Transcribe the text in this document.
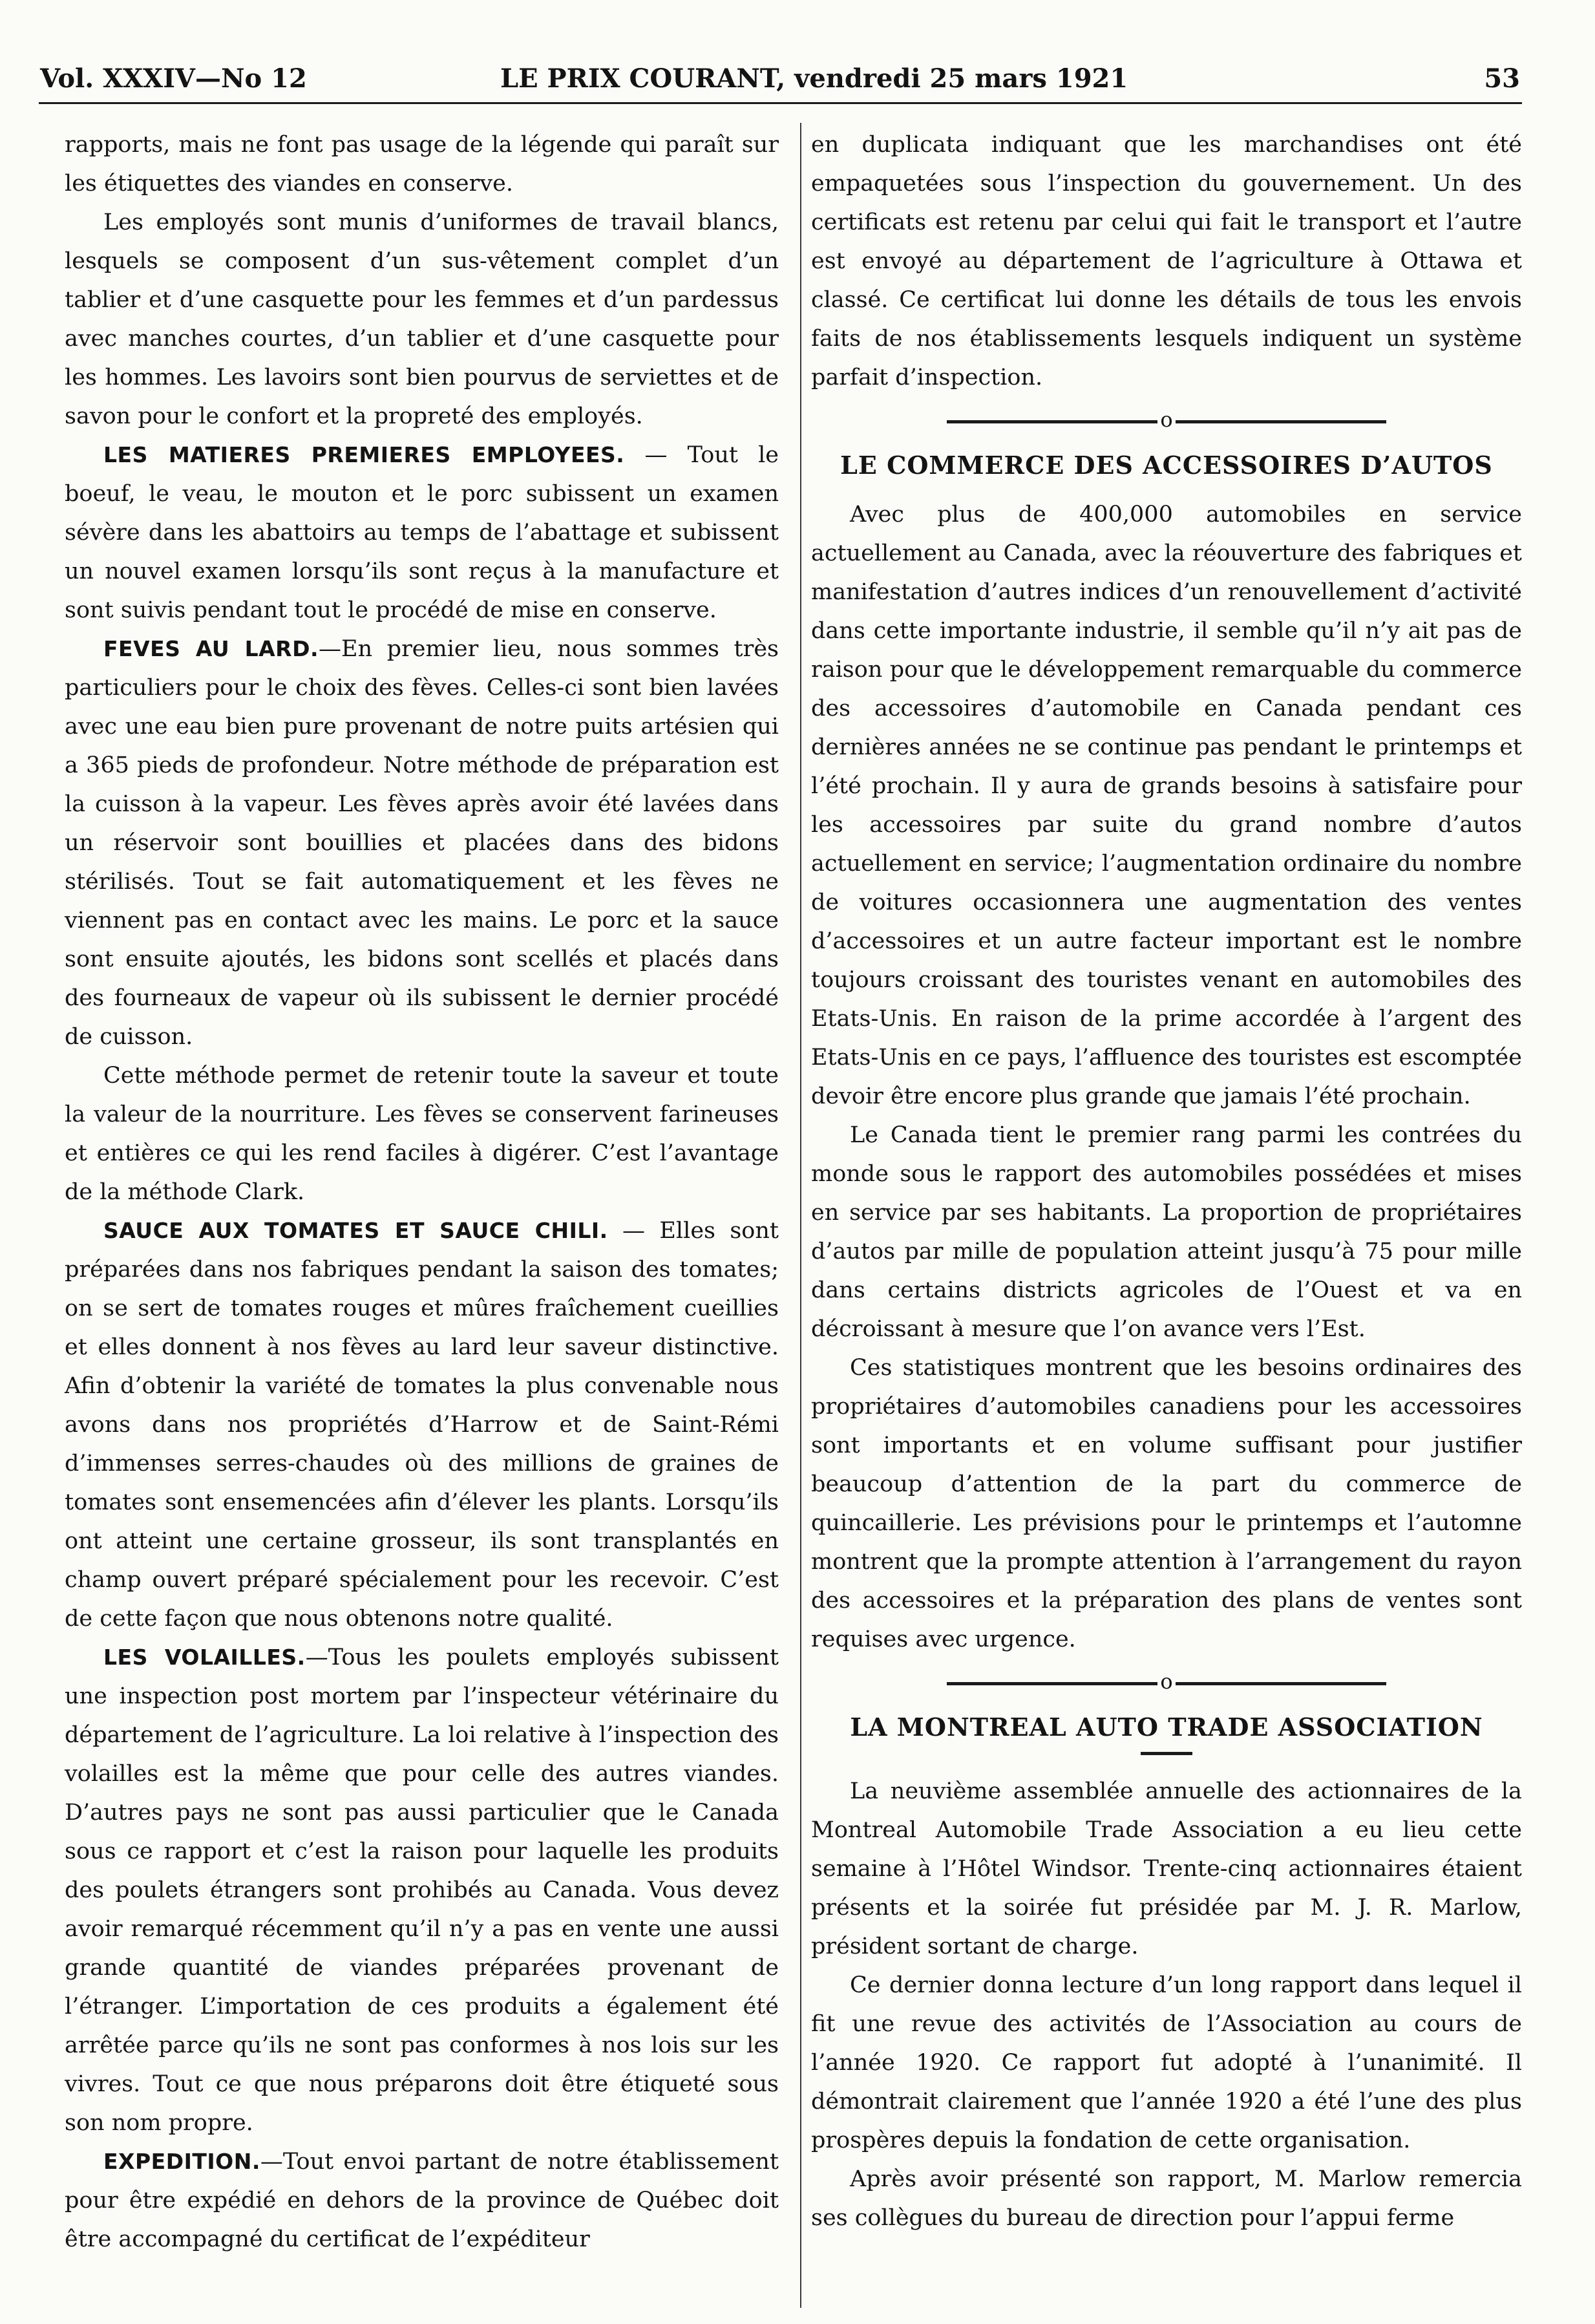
Vol. XXXIV—No 12	LE PRIX COURANT, vendredi 25 mars 1921	53

rapports, mais ne font pas usage de la légende qui paraît sur les étiquettes des viandes en conserve.

Les employés sont munis d’uniformes de travail blancs, lesquels se composent d’un sus-vêtement complet d’un tablier et d’une casquette pour les femmes et d’un pardessus avec manches courtes, d’un tablier et d’une casquette pour les hommes. Les lavoirs sont bien pourvus de serviettes et de savon pour le confort et la propreté des employés.

LES MATIERES PREMIERES EMPLOYEES. — Tout le boeuf, le veau, le mouton et le porc subissent un examen sévère dans les abattoirs au temps de l’abattage et subissent un nouvel examen lorsqu’ils sont reçus à la manufacture et sont suivis pendant tout le procédé de mise en conserve.

FEVES AU LARD.—En premier lieu, nous sommes très particuliers pour le choix des fèves. Celles-ci sont bien lavées avec une eau bien pure provenant de notre puits artésien qui a 365 pieds de profondeur. Notre méthode de préparation est la cuisson à la vapeur. Les fèves après avoir été lavées dans un réservoir sont bouillies et placées dans des bidons stérilisés. Tout se fait automatiquement et les fèves ne viennent pas en contact avec les mains. Le porc et la sauce sont ensuite ajoutés, les bidons sont scellés et placés dans des fourneaux de vapeur où ils subissent le dernier procédé de cuisson.

Cette méthode permet de retenir toute la saveur et toute la valeur de la nourriture. Les fèves se conservent farineuses et entières ce qui les rend faciles à digérer. C’est l’avantage de la méthode Clark.

SAUCE AUX TOMATES ET SAUCE CHILI. — Elles sont préparées dans nos fabriques pendant la saison des tomates; on se sert de tomates rouges et mûres fraîchement cueillies et elles donnent à nos fèves au lard leur saveur distinctive. Afin d’obtenir la variété de tomates la plus convenable nous avons dans nos propriétés d’Harrow et de Saint-Rémi d’immenses serres-chaudes où des millions de graines de tomates sont ensemencées afin d’élever les plants. Lorsqu’ils ont atteint une certaine grosseur, ils sont transplantés en champ ouvert préparé spécialement pour les recevoir. C’est de cette façon que nous obtenons notre qualité.

LES VOLAILLES.—Tous les poulets employés subissent une inspection post mortem par l’inspecteur vétérinaire du département de l’agriculture. La loi relative à l’inspection des volailles est la même que pour celle des autres viandes. D’autres pays ne sont pas aussi particulier que le Canada sous ce rapport et c’est la raison pour laquelle les produits des poulets étrangers sont prohibés au Canada. Vous devez avoir remarqué récemment qu’il n’y a pas en vente une aussi grande quantité de viandes préparées provenant de l’étranger. L’importation de ces produits a également été arrêtée parce qu’ils ne sont pas conformes à nos lois sur les vivres. Tout ce que nous préparons doit être étiqueté sous son nom propre.

EXPEDITION.—Tout envoi partant de notre établissement pour être expédié en dehors de la province de Québec doit être accompagné du certificat de l’expéditeur

en duplicata indiquant que les marchandises ont été empaquetées sous l’inspection du gouvernement. Un des certificats est retenu par celui qui fait le transport et l’autre est envoyé au département de l’agriculture à Ottawa et classé. Ce certificat lui donne les détails de tous les envois faits de nos établissements lesquels indiquent un système parfait d’inspection.

o
LE COMMERCE DES ACCESSOIRES D’AUTOS

Avec plus de 400,000 automobiles en service actuellement au Canada, avec la réouverture des fabriques et manifestation d’autres indices d’un renouvellement d’activité dans cette importante industrie, il semble qu’il n’y ait pas de raison pour que le développement remarquable du commerce des accessoires d’automobile en Canada pendant ces dernières années ne se continue pas pendant le printemps et l’été prochain. Il y aura de grands besoins à satisfaire pour les accessoires par suite du grand nombre d’autos actuellement en service; l’augmentation ordinaire du nombre de voitures occasionnera une augmentation des ventes d’accessoires et un autre facteur important est le nombre toujours croissant des touristes venant en automobiles des Etats-Unis. En raison de la prime accordée à l’argent des Etats-Unis en ce pays, l’affluence des touristes est escomptée devoir être encore plus grande que jamais l’été prochain.

Le Canada tient le premier rang parmi les contrées du monde sous le rapport des automobiles possédées et mises en service par ses habitants. La proportion de propriétaires d’autos par mille de population atteint jusqu’à 75 pour mille dans certains districts agricoles de l’Ouest et va en décroissant à mesure que l’on avance vers l’Est.

Ces statistiques montrent que les besoins ordinaires des propriétaires d’automobiles canadiens pour les accessoires sont importants et en volume suffisant pour justifier beaucoup d’attention de la part du commerce de quincaillerie. Les prévisions pour le printemps et l’automne montrent que la prompte attention à l’arrangement du rayon des accessoires et la préparation des plans de ventes sont requises avec urgence.

o
LA MONTREAL AUTO TRADE ASSOCIATION

La neuvième assemblée annuelle des actionnaires de la Montreal Automobile Trade Association a eu lieu cette semaine à l’Hôtel Windsor. Trente-cinq actionnaires étaient présents et la soirée fut présidée par M. J. R. Marlow, président sortant de charge.

Ce dernier donna lecture d’un long rapport dans lequel il fit une revue des activités de l’Association au cours de l’année 1920. Ce rapport fut adopté à l’unanimité. Il démontrait clairement que l’année 1920 a été l’une des plus prospères depuis la fondation de cette organisation.

Après avoir présenté son rapport, M. Marlow remercia ses collègues du bureau de direction pour l’appui ferme
